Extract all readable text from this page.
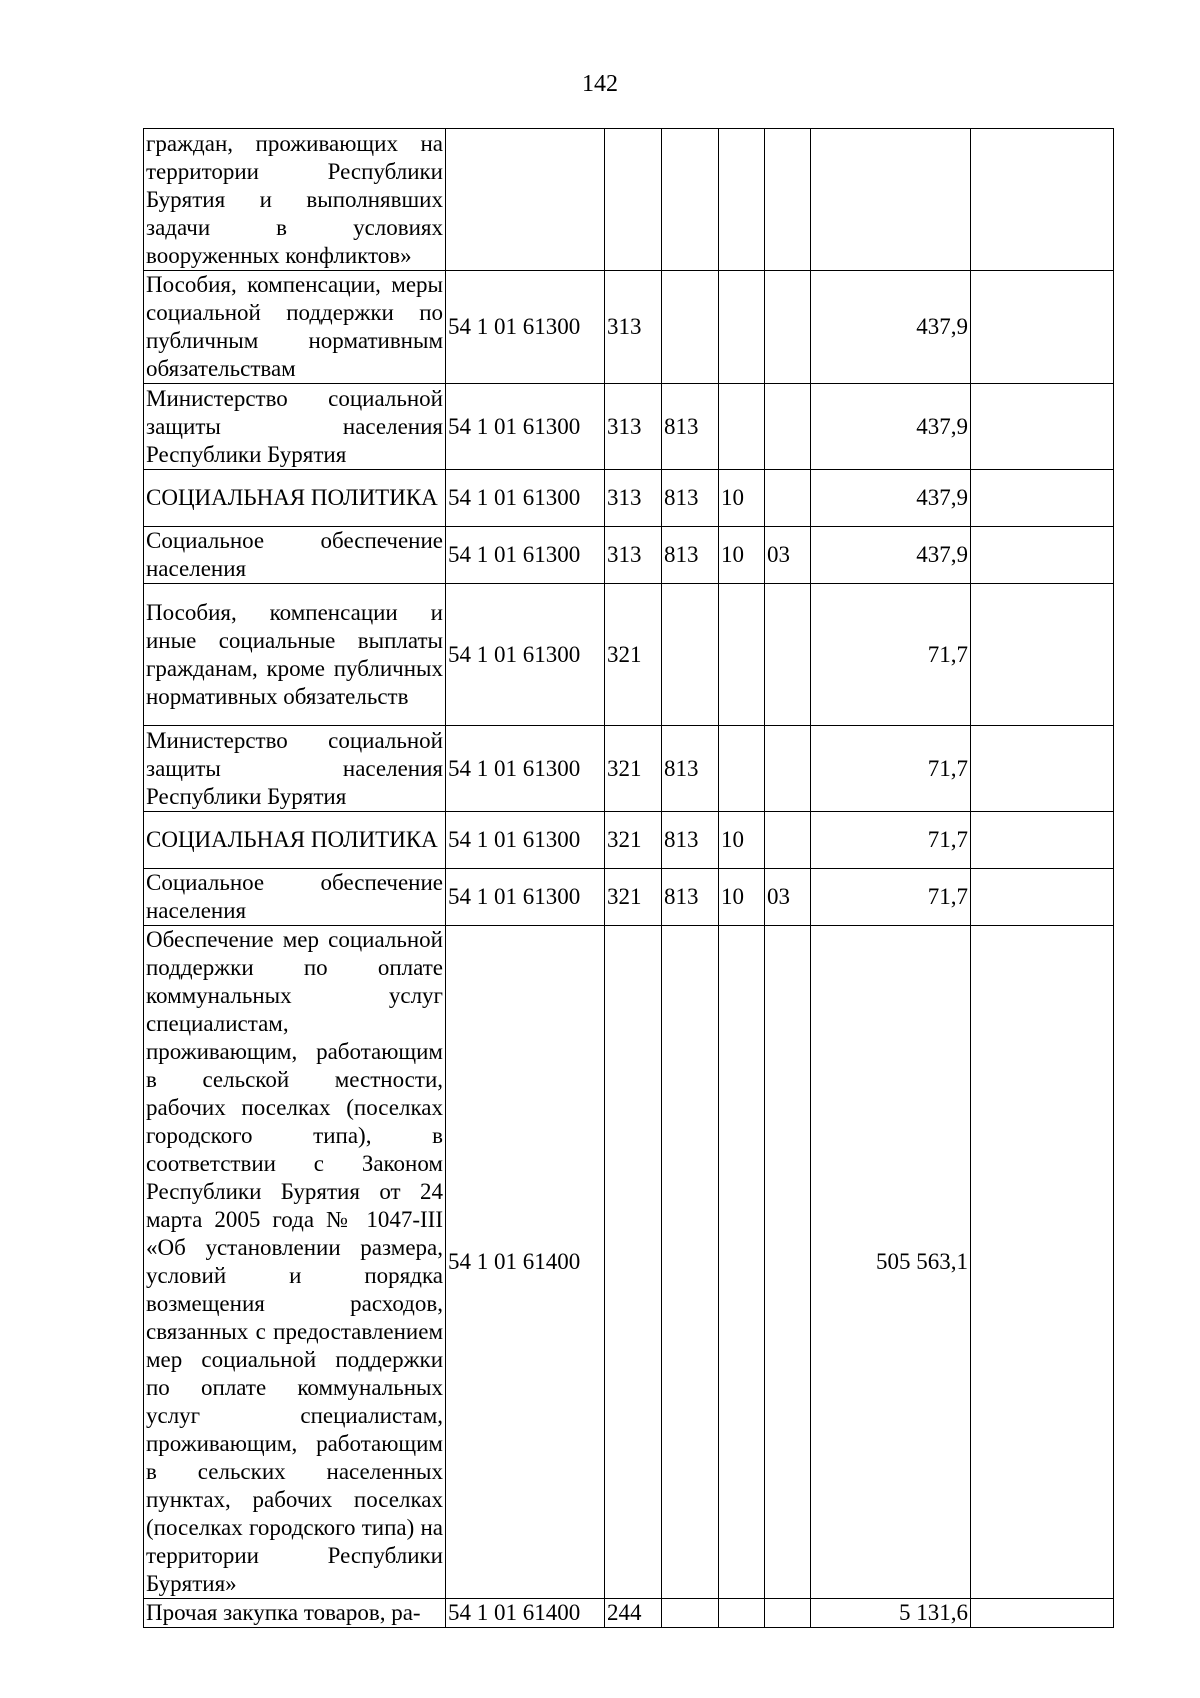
142
граждан, проживающих на территории Республики Бурятия и выполнявших задачи в условиях вооруженных конфликтов»							
Пособия, компенсации, меры социальной поддержки по публичным нормативным обязательствам	54 1 01 61300	313				437,9	
Министерство социальной защиты населения Республики Бурятия	54 1 01 61300	313	813			437,9	
СОЦИАЛЬНАЯ ПОЛИТИКА	54 1 01 61300	313	813	10		437,9	
Социальное обеспечение населения	54 1 01 61300	313	813	10	03	437,9	
Пособия, компенсации и иные социальные выплаты гражданам, кроме публичных нормативных обязательств	54 1 01 61300	321				71,7	
Министерство социальной защиты населения Республики Бурятия	54 1 01 61300	321	813			71,7	
СОЦИАЛЬНАЯ ПОЛИТИКА	54 1 01 61300	321	813	10		71,7	
Социальное обеспечение населения	54 1 01 61300	321	813	10	03	71,7	
Обеспечение мер социальной поддержки по оплате коммунальных услуг специалистам, проживающим, работающим в сельской местности, рабочих поселках (поселках городского типа), в соответствии с Законом Республики Бурятия от 24 марта 2005 года № 1047-III «Об установлении размера, условий и порядка возмещения расходов, связанных с предоставлением мер социальной поддержки по оплате коммунальных услуг специалистам, проживающим, работающим в сельских населенных пунктах, рабочих поселках (поселках городского типа) на территории Республики Бурятия»	54 1 01 61400					505 563,1	
Прочая закупка товаров, ра-	54 1 01 61400	244				5 131,6	
